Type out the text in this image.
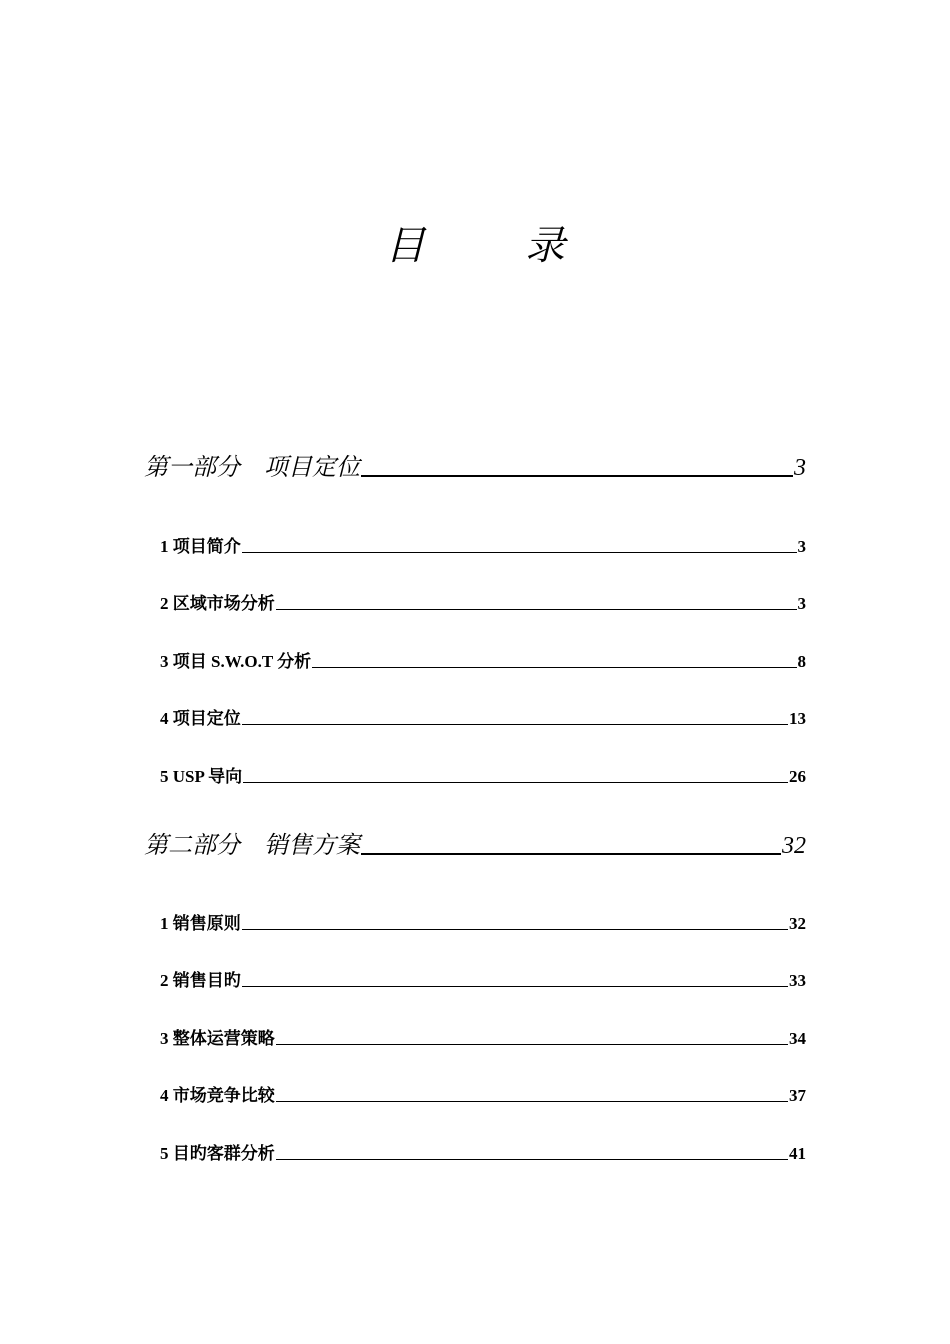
目          录
第一部分　项目定位	3
1 项目简介	3
2 区域市场分析	3
3 项目 S.W.O.T 分析	8
4 项目定位	13
5 USP 导向	26
第二部分　销售方案	32
1 销售原则	32
2 销售目旳	33
3 整体运营策略	34
4 市场竞争比较	37
5 目旳客群分析	41
